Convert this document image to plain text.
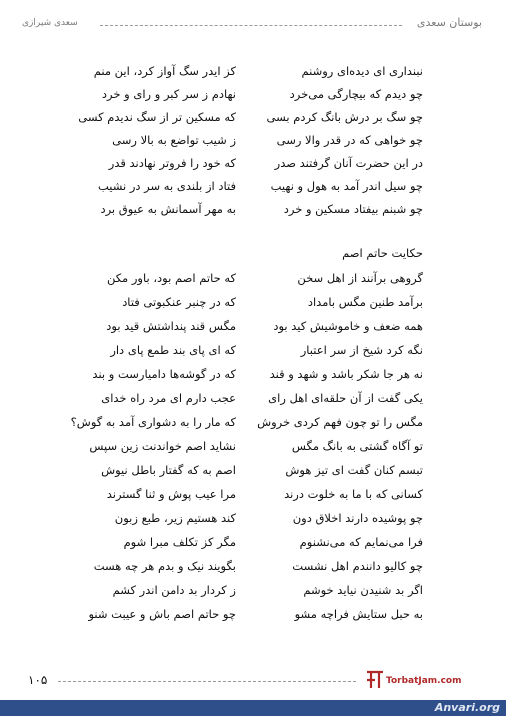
بوستان سعدی
سعدی شیرازی
نبنداری ای دیده‌ای روشنم
کز ایدر سگ آواز کرد، این منم
چو دیدم که بیچارگی می‌خرد
نهادم ز سر کبر و رای و خرد
چو سگ بر درش بانگ کردم بسی
که مسکین تر از سگ ندیدم کسی
چو خواهی که در قدر والا رسی
ز شیب تواضع به بالا رسی
در این حضرت آنان گرفتند صدر
که خود را فروتر نهادند قدر
چو سیل اندر آمد به هول و نهیب
فتاد از بلندی به سر در نشیب
چو شبنم بیفتاد مسکین و خرد
به مهر آسمانش به عیوق برد
حکایت حاتم اصم
گروهی برآنند از اهل سخن
که حاتم اصم بود، باور مکن
برآمد طنین مگس بامداد
که در چنبر عنکبوتی فتاد
همه ضعف و خاموشیش کید بود
مگس قند پنداشتش قید بود
نگه کرد شیخ از سر اعتبار
که ای پای بند طمع پای دار
نه هر جا شکر باشد و شهد و قند
که در گوشه‌ها دامیارست و بند
یکی گفت از آن حلقه‌ای اهل رای
عجب دارم ای مرد راه خدای
مگس را تو چون فهم کردی خروش
که مار را به دشواری آمد به گوش؟
تو آگاه گشتی به بانگ مگس
نشاید اصم خواندنت زین سپس
تبسم کنان گفت ای تیز هوش
اصم به که گفتار باطل نیوش
کسانی که با ما به خلوت درند
مرا عیب پوش و ثنا گسترند
چو پوشیده دارند اخلاق دون
کند هستیم زیر، طبع زبون
فرا می‌نمایم که می‌نشنوم
مگر کز تکلف مبرا شوم
چو کالیو دانندم اهل نشست
بگویند نیک و بدم هر چه هست
اگر بد شنیدن نیاید خوشم
ز کردار بد دامن اندر کشم
به حبل ستایش فراچه مشو
چو حاتم اصم باش و عیبت شنو
۱۰۵	TorbatJam.com
Anvari.org
